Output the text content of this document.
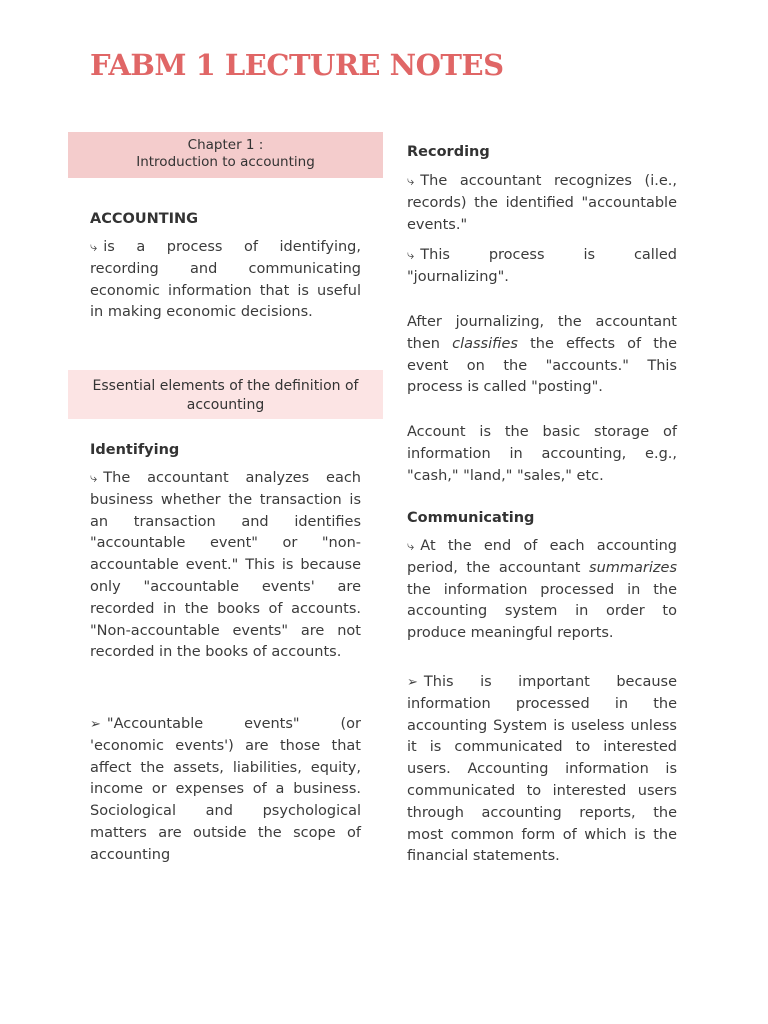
FABM 1 LECTURE NOTES
Chapter 1 :
Introduction to accounting

ACCOUNTING

⤷ is a process of identifying, recording and communicating economic information that is useful in making economic decisions.

Essential elements of the definition of accounting

Identifying

⤷ The accountant analyzes each business whether the transaction is an transaction and identifies "accountable event" or "non-accountable event." This is because only "accountable events' are recorded in the books of accounts. "Non-accountable events" are not recorded in the books of accounts.

➢ "Accountable events" (or 'economic events') are those that affect the assets, liabilities, equity, income or expenses of a business. Sociological and psychological matters are outside the scope of accounting

Recording

⤷ The accountant recognizes (i.e., records) the identified "accountable events."

⤷ This process is called "journalizing".

After journalizing, the accountant then classifies the effects of the event on the "accounts." This process is called "posting".

Account is the basic storage of information in accounting, e.g., "cash," "land," "sales," etc.

Communicating

⤷ At the end of each accounting period, the accountant summarizes the information processed in the accounting system in order to produce meaningful reports.

➢ This is important because information processed in the accounting System is useless unless it is communicated to interested users. Accounting information is communicated to interested users through accounting reports, the most common form of which is the financial statements.
